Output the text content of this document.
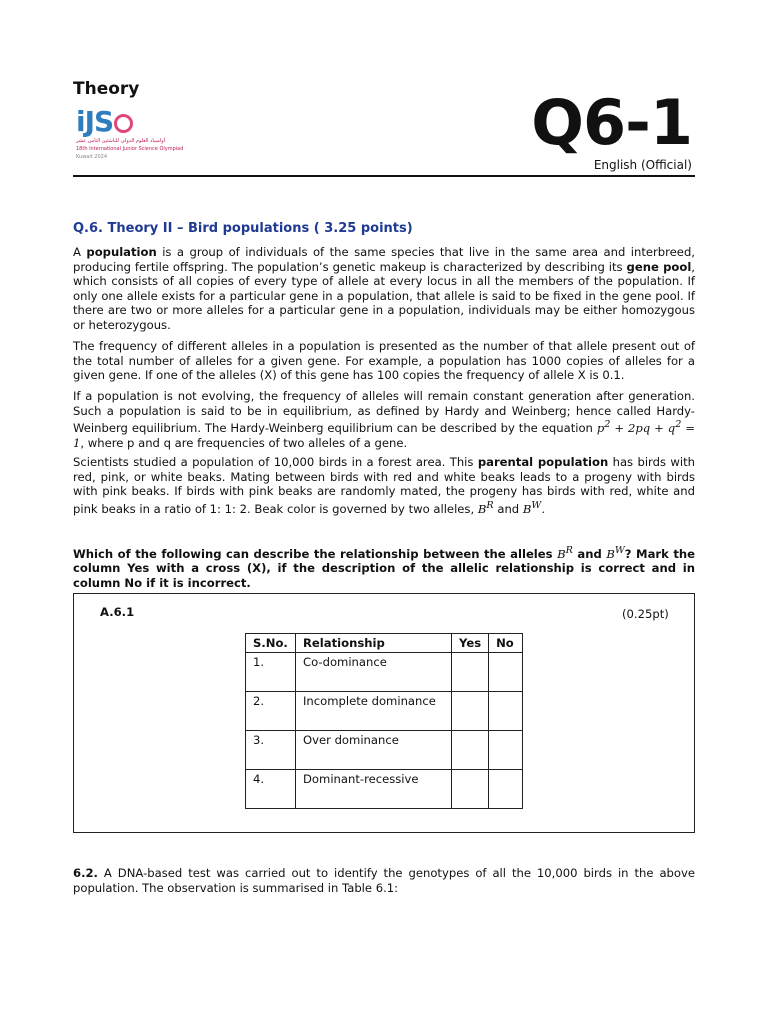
Theory
iJS
أولمبياد العلوم الدولي للناشئين الثامن عشر
18th International Junior Science Olympiad
Kuwait 2024	Q6-1
English (Official)
Q.6. Theory II – Bird populations ( 3.25 points)

A population is a group of individuals of the same species that live in the same area and interbreed, producing fertile offspring. The population’s genetic makeup is characterized by describing its gene pool, which consists of all copies of every type of allele at every locus in all the members of the population. If only one allele exists for a particular gene in a population, that allele is said to be fixed in the gene pool. If there are two or more alleles for a particular gene in a population, individuals may be either homozygous or heterozygous.

The frequency of different alleles in a population is presented as the number of that allele present out of the total number of alleles for a given gene. For example, a population has 1000 copies of alleles for a given gene. If one of the alleles (X) of this gene has 100 copies the frequency of allele X is 0.1.

If a population is not evolving, the frequency of alleles will remain constant generation after generation. Such a population is said to be in equilibrium, as defined by Hardy and Weinberg; hence called Hardy-Weinberg equilibrium. The Hardy-Weinberg equilibrium can be described by the equation $p^2 + 2pq + q^2 = 1$, where p and q are frequencies of two alleles of a gene.

Scientists studied a population of 10,000 birds in a forest area. This parental population has birds with red, pink, or white beaks. Mating between birds with red and white beaks leads to a progeny with birds with pink beaks. If birds with pink beaks are randomly mated, the progeny has birds with red, white and pink beaks in a ratio of 1: 1: 2. Beak color is governed by two alleles, $B^R$ and $B^W$.

Which of the following can describe the relationship between the alleles $B^R$ and $B^W$? Mark the column Yes with a cross (X), if the description of the allelic relationship is correct and in column No if it is incorrect.

A.6.1	(0.25pt)
S.No.	Relationship	Yes	No
1.	Co-dominance		
2.	Incomplete dominance		
3.	Over dominance		
4.	Dominant-recessive		

6.2. A DNA-based test was carried out to identify the genotypes of all the 10,000 birds in the above population. The observation is summarised in Table 6.1:
